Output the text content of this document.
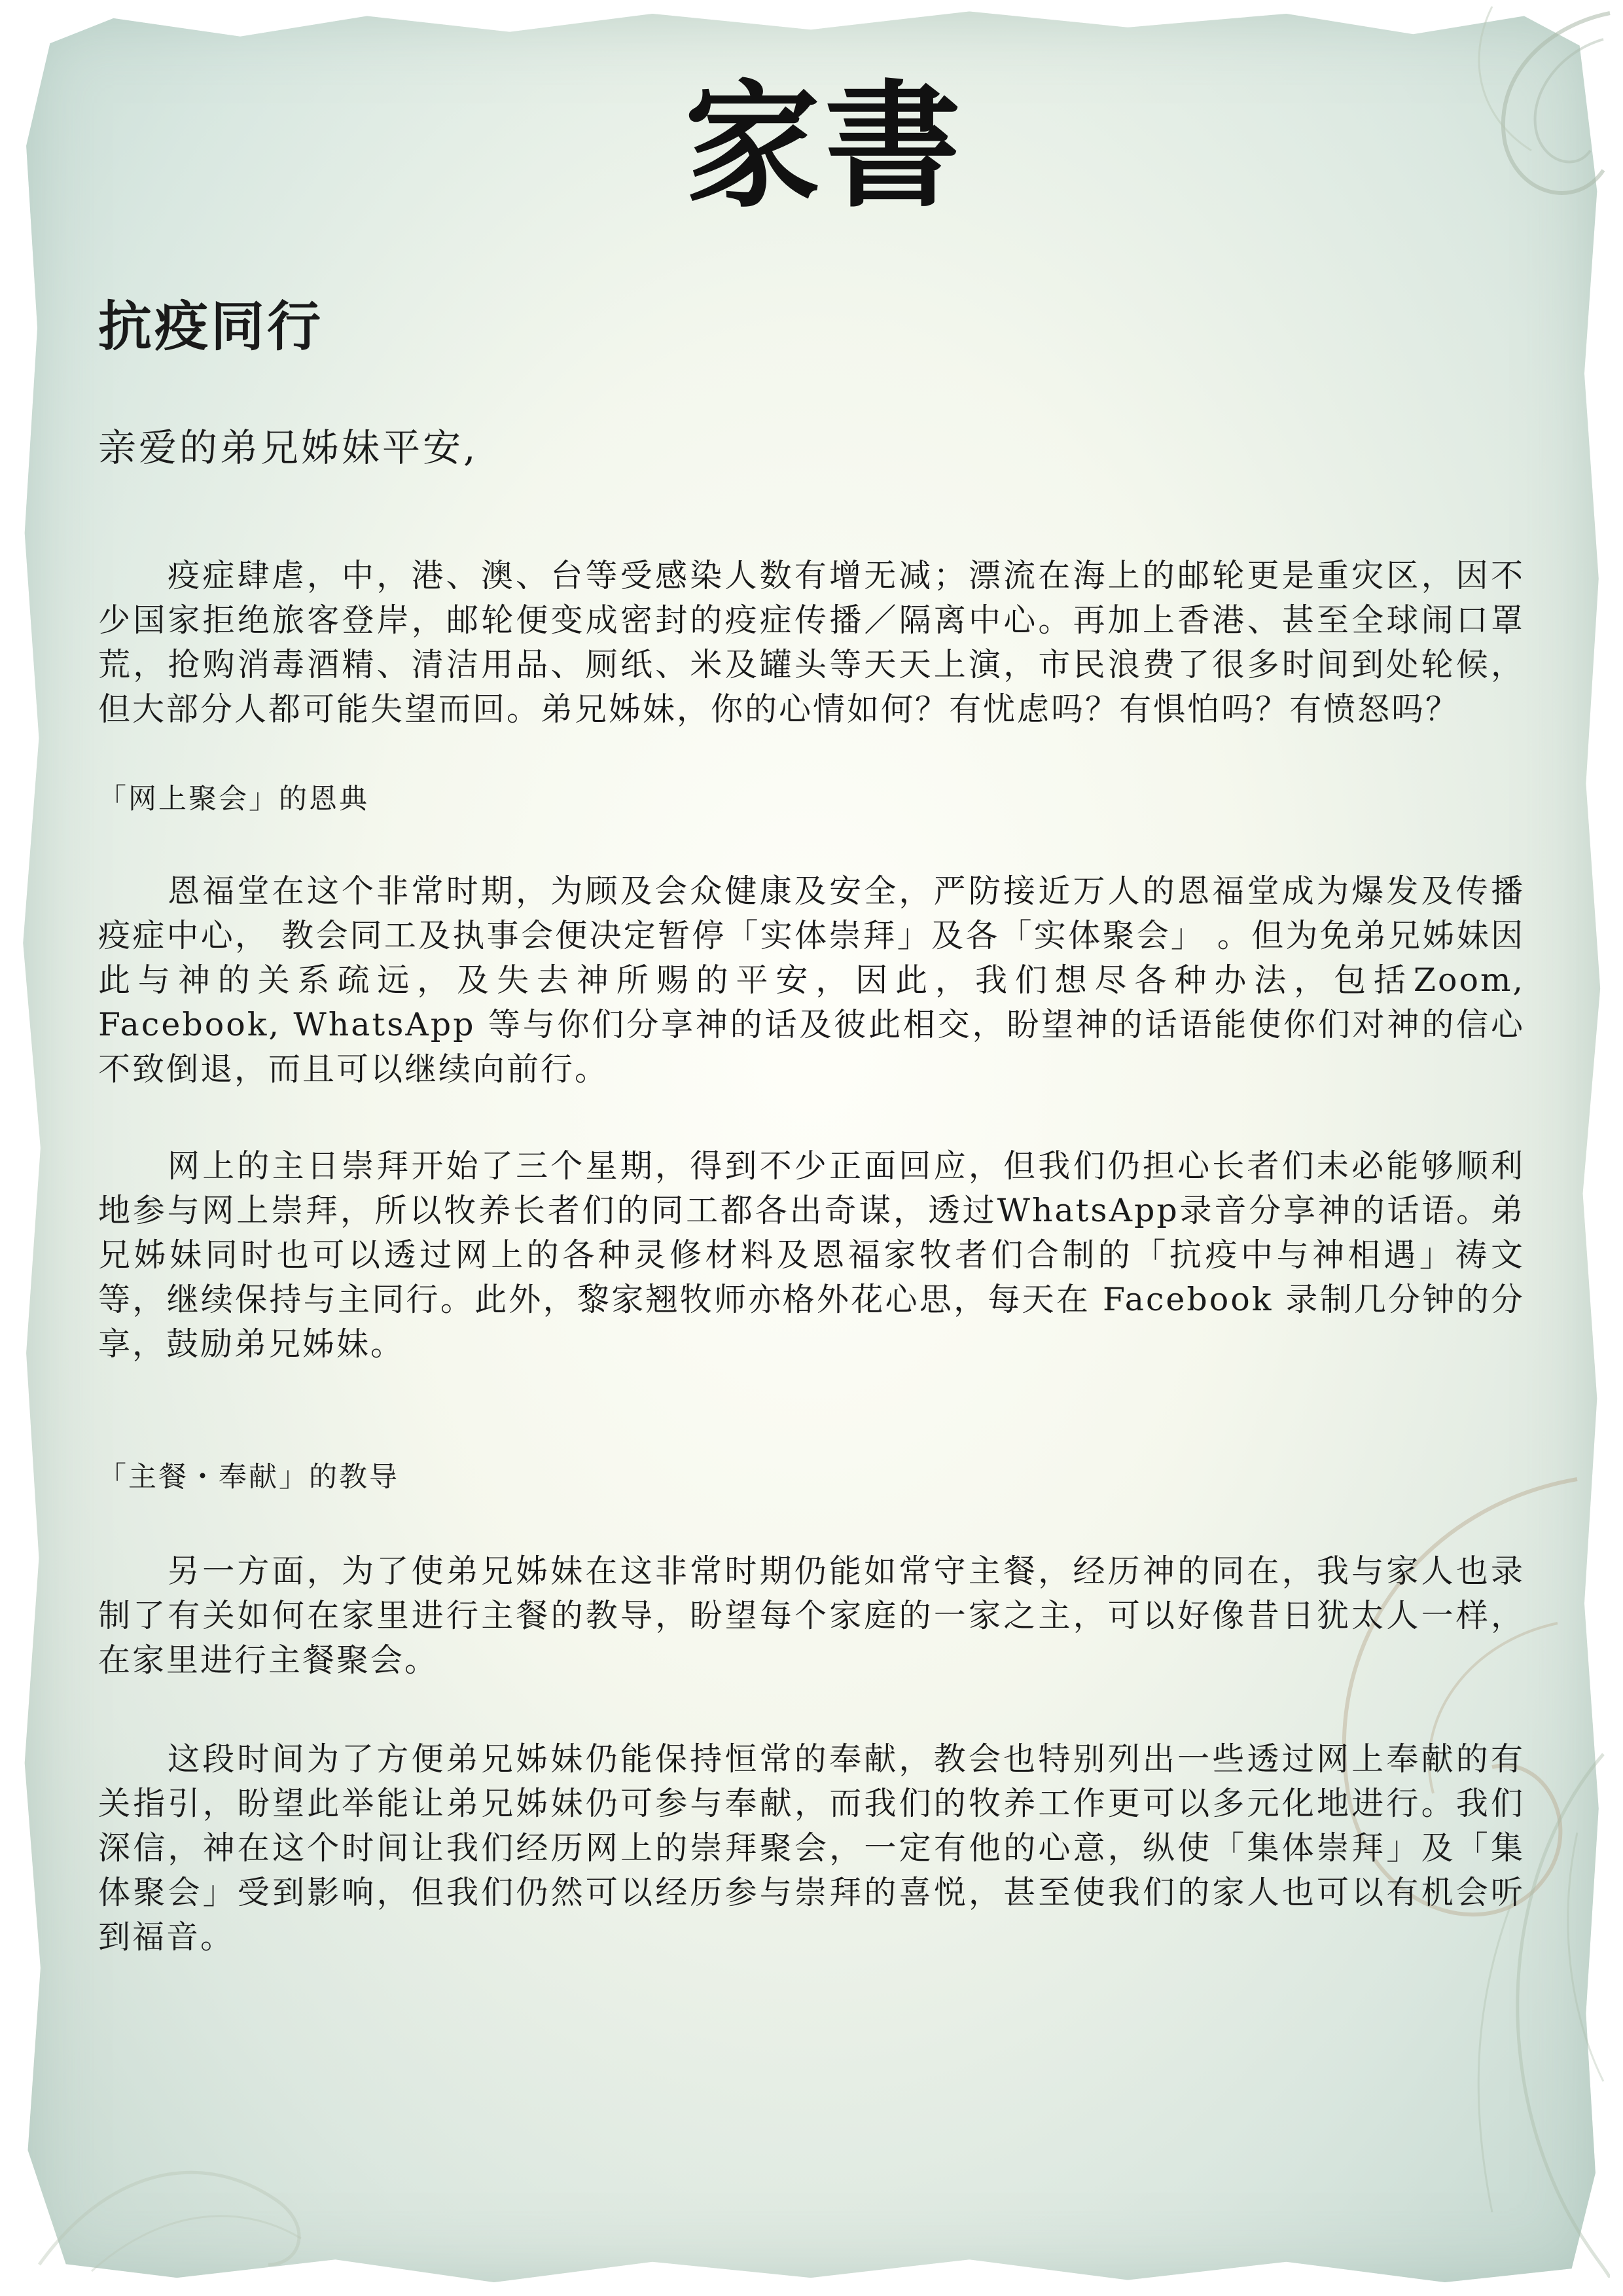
家書
抗疫同行

亲爱的弟兄姊妹平安,

疫症肆虐，中，港、澳、台等受感染人数有增无减；漂流在海上的邮轮更是重灾区，因不少国家拒绝旅客登岸，邮轮便变成密封的疫症传播／隔离中心。再加上香港、甚至全球闹口罩荒，抢购消毒酒精、清洁用品、厕纸、米及罐头等天天上演，市民浪费了很多时间到处轮候，但大部分人都可能失望而回。弟兄姊妹，你的心情如何？有忧虑吗？有惧怕吗？有愤怒吗？

「网上聚会」的恩典

恩福堂在这个非常时期，为顾及会众健康及安全，严防接近万人的恩福堂成为爆发及传播疫症中心， 教会同工及执事会便决定暂停「实体崇拜」及各「实体聚会」 。但为免弟兄姊妹因此与神的关系疏远，及失去神所赐的平安，因此，我们想尽各种办法，包括Zoom, Facebook, WhatsApp 等与你们分享神的话及彼此相交，盼望神的话语能使你们对神的信心不致倒退，而且可以继续向前行。

网上的主日崇拜开始了三个星期，得到不少正面回应，但我们仍担心长者们未必能够顺利地参与网上崇拜，所以牧养长者们的同工都各出奇谋，透过WhatsApp录音分享神的话语。弟兄姊妹同时也可以透过网上的各种灵修材料及恩福家牧者们合制的「抗疫中与神相遇」祷文等，继续保持与主同行。此外，黎家翘牧师亦格外花心思，每天在 Facebook 录制几分钟的分享，鼓励弟兄姊妹。

「主餐・奉献」的教导

另一方面，为了使弟兄姊妹在这非常时期仍能如常守主餐，经历神的同在，我与家人也录制了有关如何在家里进行主餐的教导，盼望每个家庭的一家之主，可以好像昔日犹太人一样，在家里进行主餐聚会。

这段时间为了方便弟兄姊妹仍能保持恒常的奉献，教会也特别列出一些透过网上奉献的有关指引，盼望此举能让弟兄姊妹仍可参与奉献，而我们的牧养工作更可以多元化地进行。我们深信，神在这个时间让我们经历网上的崇拜聚会，一定有他的心意，纵使「集体崇拜」及「集体聚会」受到影响，但我们仍然可以经历参与崇拜的喜悦，甚至使我们的家人也可以有机会听到福音。
